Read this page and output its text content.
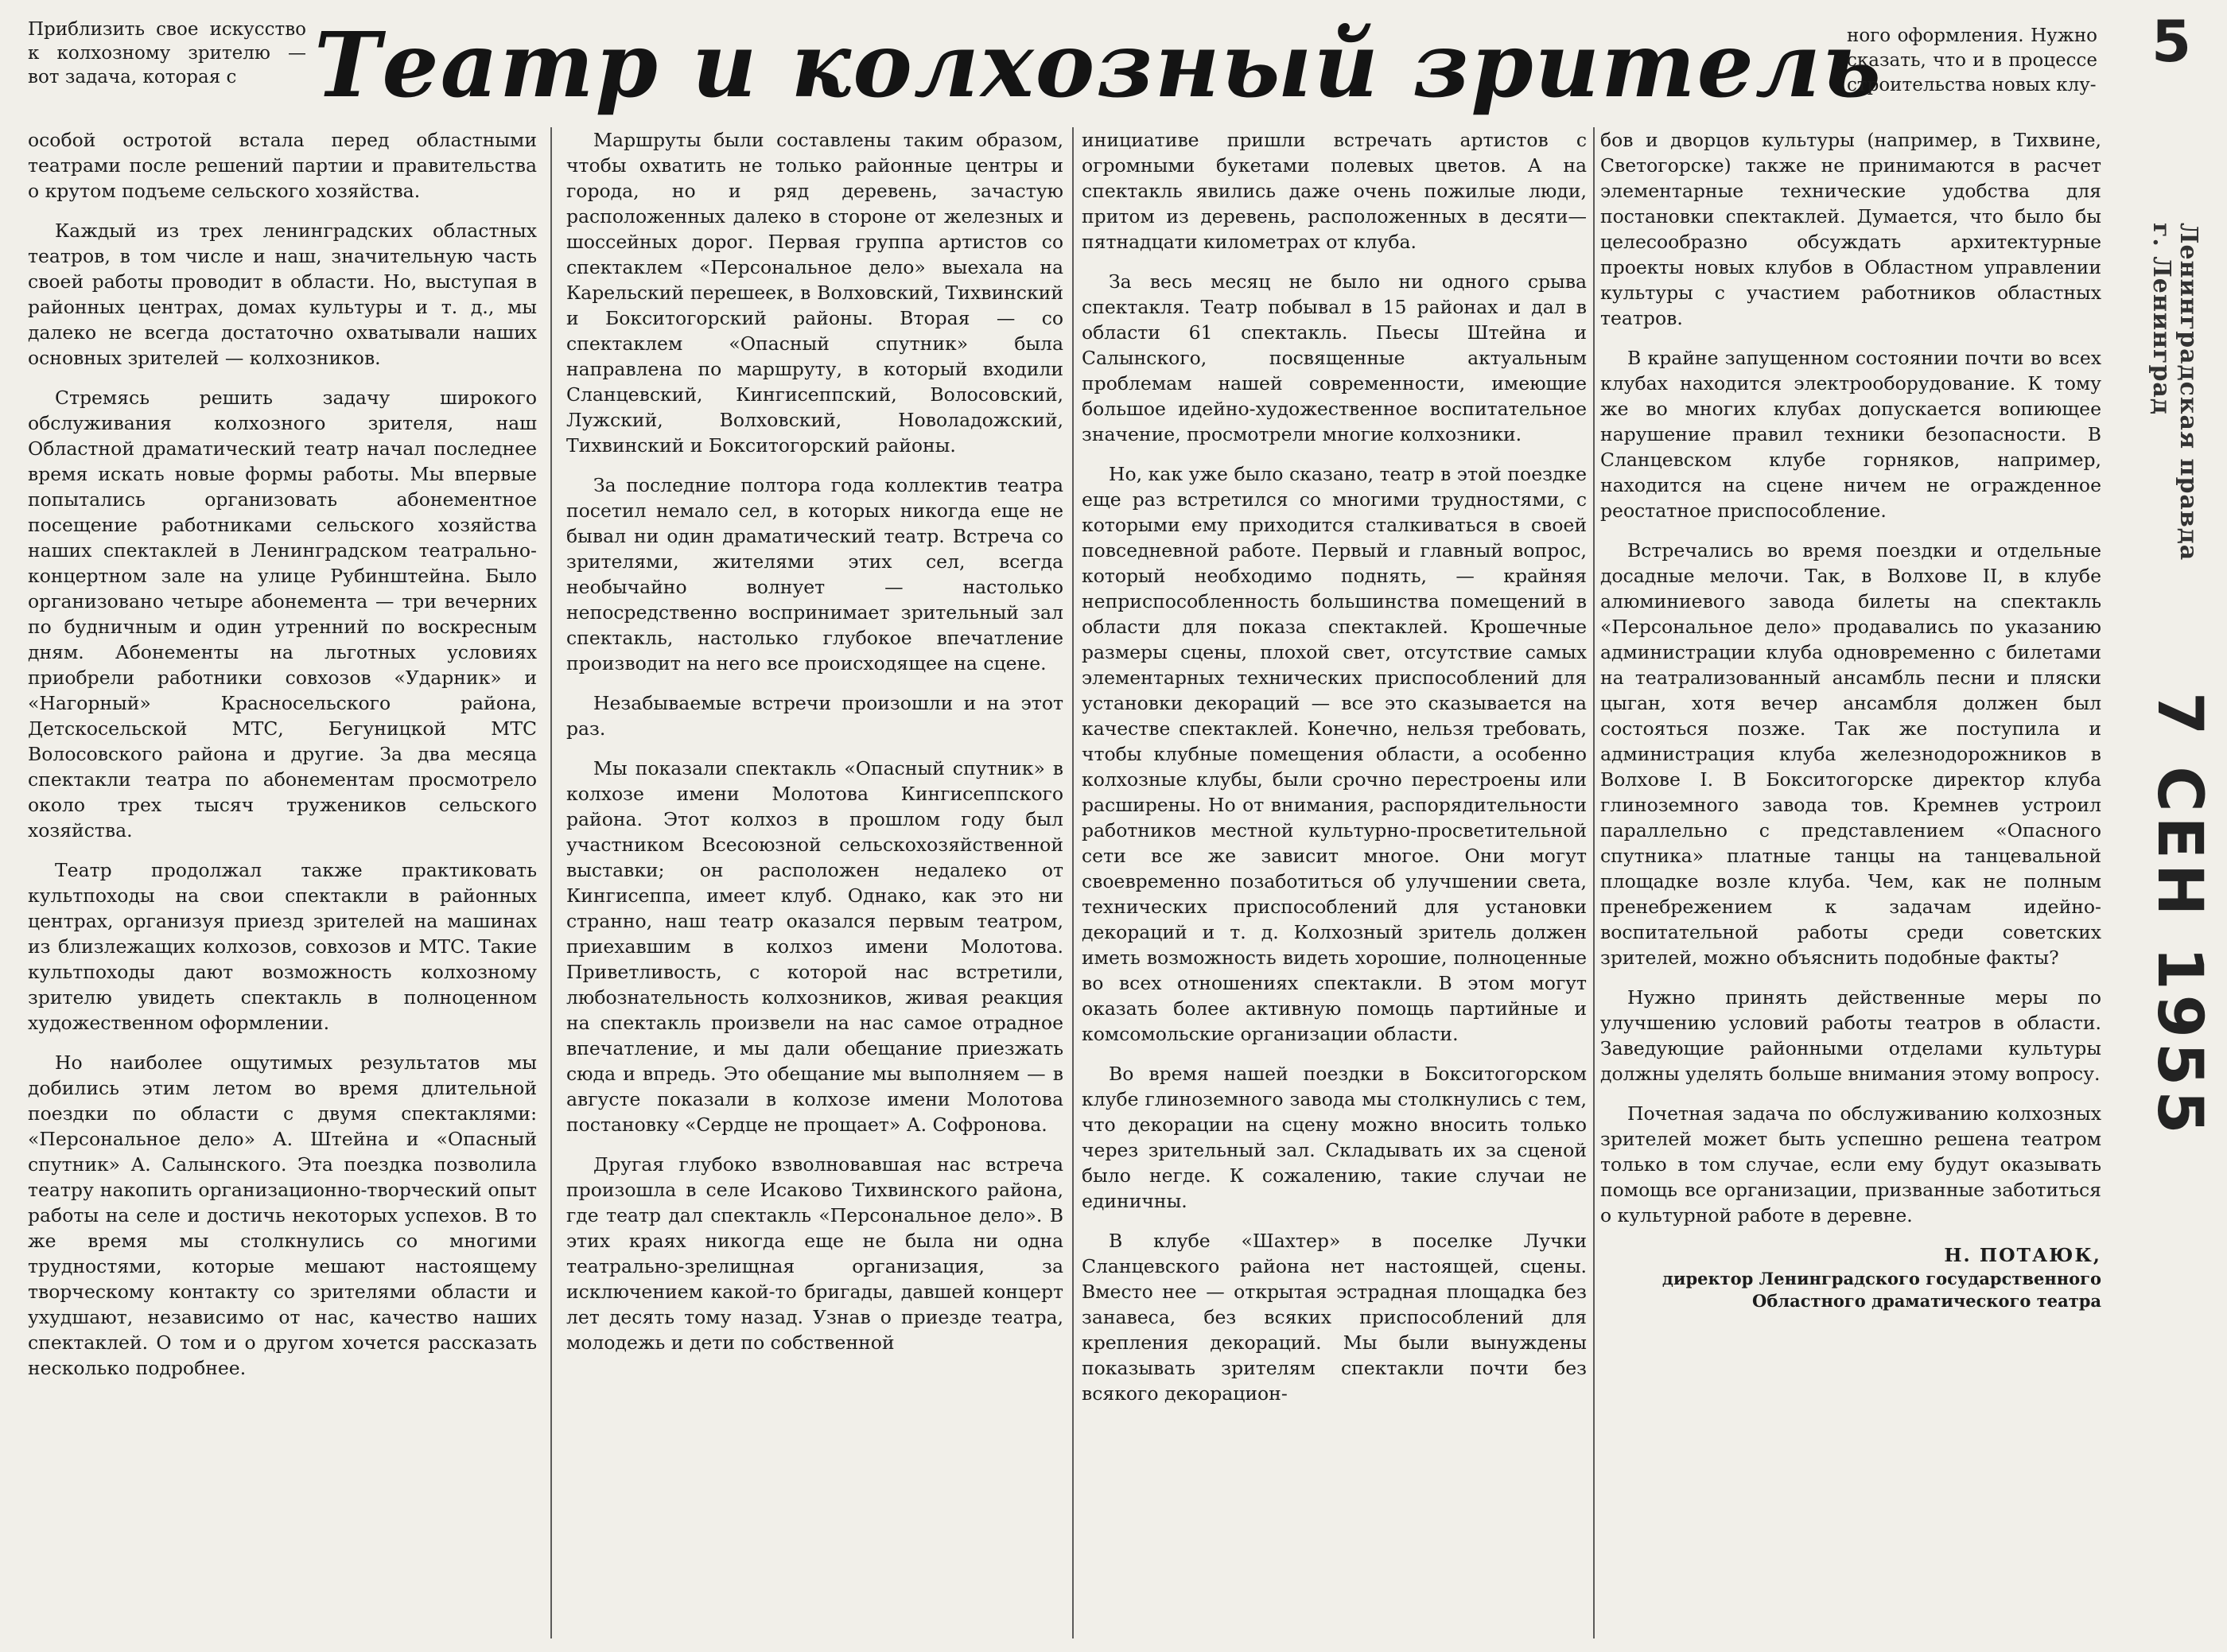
5

Приблизить свое искусство к колхозному зрителю — вот задача, которая с Театр и колхозный зритель

ного оформления. Нужно сказать, что и в процессе строительства новых клу-

особой остротой встала перед областными театрами после решений партии и правительства о крутом подъеме сельского хозяйства.

Каждый из трех ленинградских областных театров, в том числе и наш, значительную часть своей работы проводит в области. Но, выступая в районных центрах, домах культуры и т. д., мы далеко не всегда достаточно охватывали наших основных зрителей — колхозников.

Стремясь решить задачу широкого обслуживания колхозного зрителя, наш Областной драматический театр начал последнее время искать новые формы работы. Мы впервые попытались организовать абонементное посещение работниками сельского хозяйства наших спектаклей в Ленинградском театрально-концертном зале на улице Рубинштейна. Было организовано четыре абонемента — три вечерних по будничным и один утренний по воскресным дням. Абонементы на льготных условиях приобрели работники совхозов «Ударник» и «Нагорный» Красносельского района, Детскосельской МТС, Бегуницкой МТС Волосовского района и другие. За два месяца спектакли театра по абонементам просмотрело около трех тысяч тружеников сельского хозяйства.

Театр продолжал также практиковать культпоходы на свои спектакли в районных центрах, организуя приезд зрителей на машинах из близлежащих колхозов, совхозов и МТС. Такие культпоходы дают возможность колхозному зрителю увидеть спектакль в полноценном художественном оформлении.

Но наиболее ощутимых результатов мы добились этим летом во время длительной поездки по области с двумя спектаклями: «Персональное дело» А. Штейна и «Опасный спутник» А. Салынского. Эта поездка позволила театру накопить организационно-творческий опыт работы на селе и достичь некоторых успехов. В то же время мы столкнулись со многими трудностями, которые мешают настоящему творческому контакту со зрителями области и ухудшают, независимо от нас, качество наших спектаклей. О том и о другом хочется рассказать несколько подробнее.

Маршруты были составлены таким образом, чтобы охватить не только районные центры и города, но и ряд деревень, зачастую расположенных далеко в стороне от железных и шоссейных дорог. Первая группа артистов со спектаклем «Персональное дело» выехала на Карельский перешеек, в Волховский, Тихвинский и Бокситогорский районы. Вторая — со спектаклем «Опасный спутник» была направлена по маршруту, в который входили Сланцевский, Кингисеппский, Волосовский, Лужский, Волховский, Новоладожский, Тихвинский и Бокситогорский районы.

За последние полтора года коллектив театра посетил немало сел, в которых никогда еще не бывал ни один драматический театр. Встреча со зрителями, жителями этих сел, всегда необычайно волнует — настолько непосредственно воспринимает зрительный зал спектакль, настолько глубокое впечатление производит на него все происходящее на сцене.

Незабываемые встречи произошли и на этот раз.

Мы показали спектакль «Опасный спутник» в колхозе имени Молотова Кингисеппского района. Этот колхоз в прошлом году был участником Всесоюзной сельскохозяйственной выставки; он расположен недалеко от Кингисеппа, имеет клуб. Однако, как это ни странно, наш театр оказался первым театром, приехавшим в колхоз имени Молотова. Приветливость, с которой нас встретили, любознательность колхозников, живая реакция на спектакль произвели на нас самое отрадное впечатление, и мы дали обещание приезжать сюда и впредь. Это обещание мы выполняем — в августе показали в колхозе имени Молотова постановку «Сердце не прощает» А. Софронова.

Другая глубоко взволновавшая нас встреча произошла в селе Исаково Тихвинского района, где театр дал спектакль «Персональное дело». В этих краях никогда еще не была ни одна театрально-зрелищная организация, за исключением какой-то бригады, давшей концерт лет десять тому назад. Узнав о приезде театра, молодежь и дети по собственной

инициативе пришли встречать артистов с огромными букетами полевых цветов. А на спектакль явились даже очень пожилые люди, притом из деревень, расположенных в десяти—пятнадцати километрах от клуба.

За весь месяц не было ни одного срыва спектакля. Театр побывал в 15 районах и дал в области 61 спектакль. Пьесы Штейна и Салынского, посвященные актуальным проблемам нашей современности, имеющие большое идейно-художественное воспитательное значение, просмотрели многие колхозники.

Но, как уже было сказано, театр в этой поездке еще раз встретился со многими трудностями, с которыми ему приходится сталкиваться в своей повседневной работе. Первый и главный вопрос, который необходимо поднять, — крайняя неприспособленность большинства помещений в области для показа спектаклей. Крошечные размеры сцены, плохой свет, отсутствие самых элементарных технических приспособлений для установки декораций — все это сказывается на качестве спектаклей. Конечно, нельзя требовать, чтобы клубные помещения области, а особенно колхозные клубы, были срочно перестроены или расширены. Но от внимания, распорядительности работников местной культурно-просветительной сети все же зависит многое. Они могут своевременно позаботиться об улучшении света, технических приспособлений для установки декораций и т. д. Колхозный зритель должен иметь возможность видеть хорошие, полноценные во всех отношениях спектакли. В этом могут оказать более активную помощь партийные и комсомольские организации области.

Во время нашей поездки в Бокситогорском клубе глиноземного завода мы столкнулись с тем, что декорации на сцену можно вносить только через зрительный зал. Складывать их за сценой было негде. К сожалению, такие случаи не единичны.

В клубе «Шахтер» в поселке Лучки Сланцевского района нет настоящей, сцены. Вместо нее — открытая эстрадная площадка без занавеса, без всяких приспособлений для крепления декораций. Мы были вынуждены показывать зрителям спектакли почти без всякого декорацион-

бов и дворцов культуры (например, в Тихвине, Светогорске) также не принимаются в расчет элементарные технические удобства для постановки спектаклей. Думается, что было бы целесообразно обсуждать архитектурные проекты новых клубов в Областном управлении культуры с участием работников областных театров.

В крайне запущенном состоянии почти во всех клубах находится электрооборудование. К тому же во многих клубах допускается вопиющее нарушение правил техники безопасности. В Сланцевском клубе горняков, например, находится на сцене ничем не огражденное реостатное приспособление.

Встречались во время поездки и отдельные досадные мелочи. Так, в Волхове II, в клубе алюминиевого завода билеты на спектакль «Персональное дело» продавались по указанию администрации клуба одновременно с билетами на театрализованный ансамбль песни и пляски цыган, хотя вечер ансамбля должен был состояться позже. Так же поступила и администрация клуба железнодорожников в Волхове I. В Бокситогорске директор клуба глиноземного завода тов. Кремнев устроил параллельно с представлением «Опасного спутника» платные танцы на танцевальной площадке возле клуба. Чем, как не полным пренебрежением к задачам идейно-воспитательной работы среди советских зрителей, можно объяснить подобные факты?

Нужно принять действенные меры по улучшению условий работы театров в области. Заведующие районными отделами культуры должны уделять больше внимания этому вопросу.

Почетная задача по обслуживанию колхозных зрителей может быть успешно решена театром только в том случае, если ему будут оказывать помощь все организации, призванные заботиться о культурной работе в деревне.

Н. ПОТАЮК,
директор Ленинградского государственного Областного драматического театра
Ленинградская правда
г. Ленинград
7 СЕН 1955
